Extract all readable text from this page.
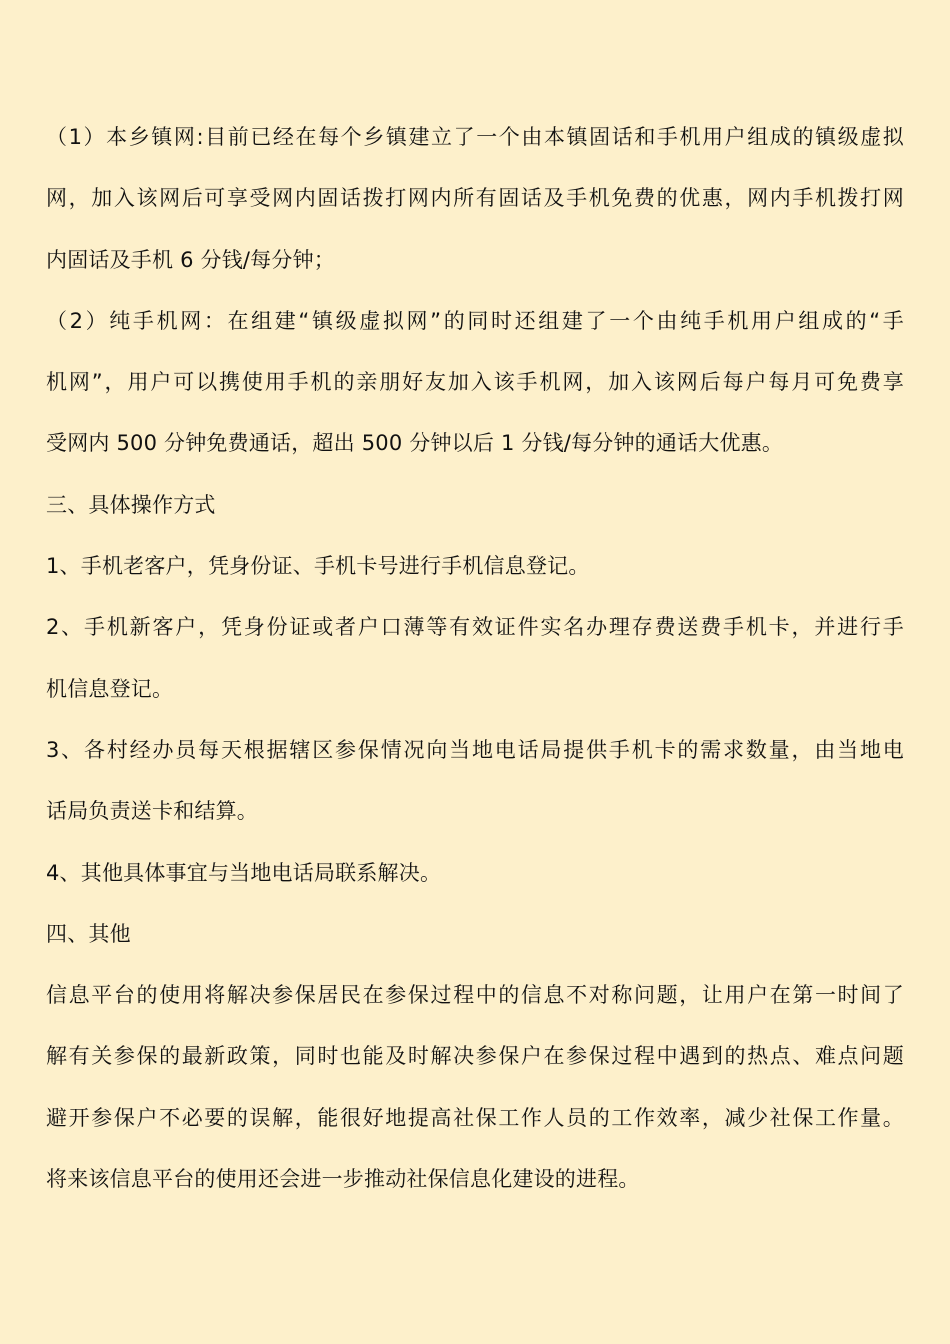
（1）本乡镇网:目前已经在每个乡镇建立了一个由本镇固话和手机用户组成的镇级虚拟
网，加入该网后可享受网内固话拨打网内所有固话及手机免费的优惠，网内手机拨打网
内固话及手机 6 分钱/每分钟；
（2）纯手机网：在组建“镇级虚拟网”的同时还组建了一个由纯手机用户组成的“手
机网”，用户可以携使用手机的亲朋好友加入该手机网，加入该网后每户每月可免费享
受网内 500 分钟免费通话，超出 500 分钟以后 1 分钱/每分钟的通话大优惠。
三、具体操作方式
1、手机老客户，凭身份证、手机卡号进行手机信息登记。
2、手机新客户，凭身份证或者户口薄等有效证件实名办理存费送费手机卡，并进行手
机信息登记。
3、各村经办员每天根据辖区参保情况向当地电话局提供手机卡的需求数量，由当地电
话局负责送卡和结算。
4、其他具体事宜与当地电话局联系解决。
四、其他
信息平台的使用将解决参保居民在参保过程中的信息不对称问题，让用户在第一时间了
解有关参保的最新政策，同时也能及时解决参保户在参保过程中遇到的热点、难点问题
避开参保户不必要的误解，能很好地提高社保工作人员的工作效率，减少社保工作量。
将来该信息平台的使用还会进一步推动社保信息化建设的进程。
